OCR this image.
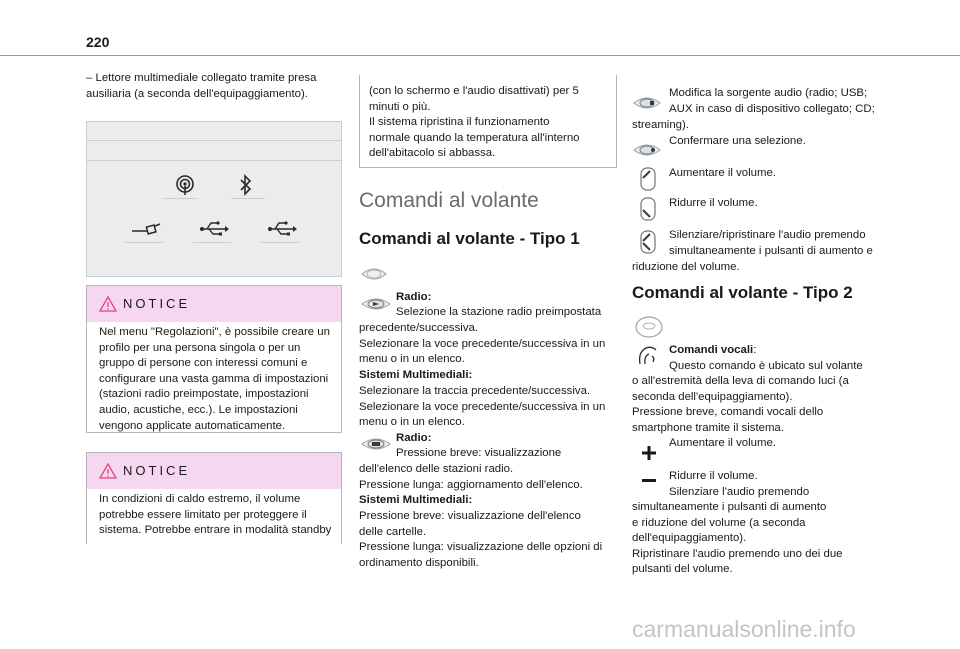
220
– Lettore multimediale collegato tramite presa
ausiliaria (a seconda dell'equipaggiamento).
NOTICE
Nel menu "Regolazioni", è possibile creare un
profilo per una persona singola o per un
gruppo di persone con interessi comuni e
configurare una vasta gamma di impostazioni
(stazioni radio preimpostate, impostazioni
audio, acustiche, ecc.). Le impostazioni
vengono applicate automaticamente.
NOTICE
In condizioni di caldo estremo, il volume
potrebbe essere limitato per proteggere il
sistema. Potrebbe entrare in modalità standby
(con lo schermo e l'audio disattivati) per 5
minuti o più.
Il sistema ripristina il funzionamento
normale quando la temperatura all'interno
dell'abitacolo si abbassa.
Comandi al volante
Comandi al volante - Tipo 1
Radio:
Selezione la stazione radio preimpostata
precedente/successiva.
Selezionare la voce precedente/successiva in un
menu o in un elenco.
Sistemi Multimediali:
Selezionare la traccia precedente/successiva.
Selezionare la voce precedente/successiva in un
menu o in un elenco.
Radio:
Pressione breve: visualizzazione
dell'elenco delle stazioni radio.
Pressione lunga: aggiornamento dell'elenco.
Sistemi Multimediali:
Pressione breve: visualizzazione dell'elenco
delle cartelle.
Pressione lunga: visualizzazione delle opzioni di
ordinamento disponibili.
Modifica la sorgente audio (radio; USB;
AUX in caso di dispositivo collegato; CD;
streaming).
Confermare una selezione.
Aumentare il volume.
Ridurre il volume.
Silenziare/ripristinare l'audio premendo
simultaneamente i pulsanti di aumento e
riduzione del volume.
Comandi al volante - Tipo 2
Comandi vocali:
Questo comando è ubicato sul volante
o all'estremità della leva di comando luci (a
seconda dell'equipaggiamento).
Pressione breve, comandi vocali dello
smartphone tramite il sistema.
Aumentare il volume.
Ridurre il volume.
Silenziare l'audio premendo
simultaneamente i pulsanti di aumento
e riduzione del volume (a seconda
dell'equipaggiamento).
Ripristinare l'audio premendo uno dei due
pulsanti del volume.
carmanualsonline.info
